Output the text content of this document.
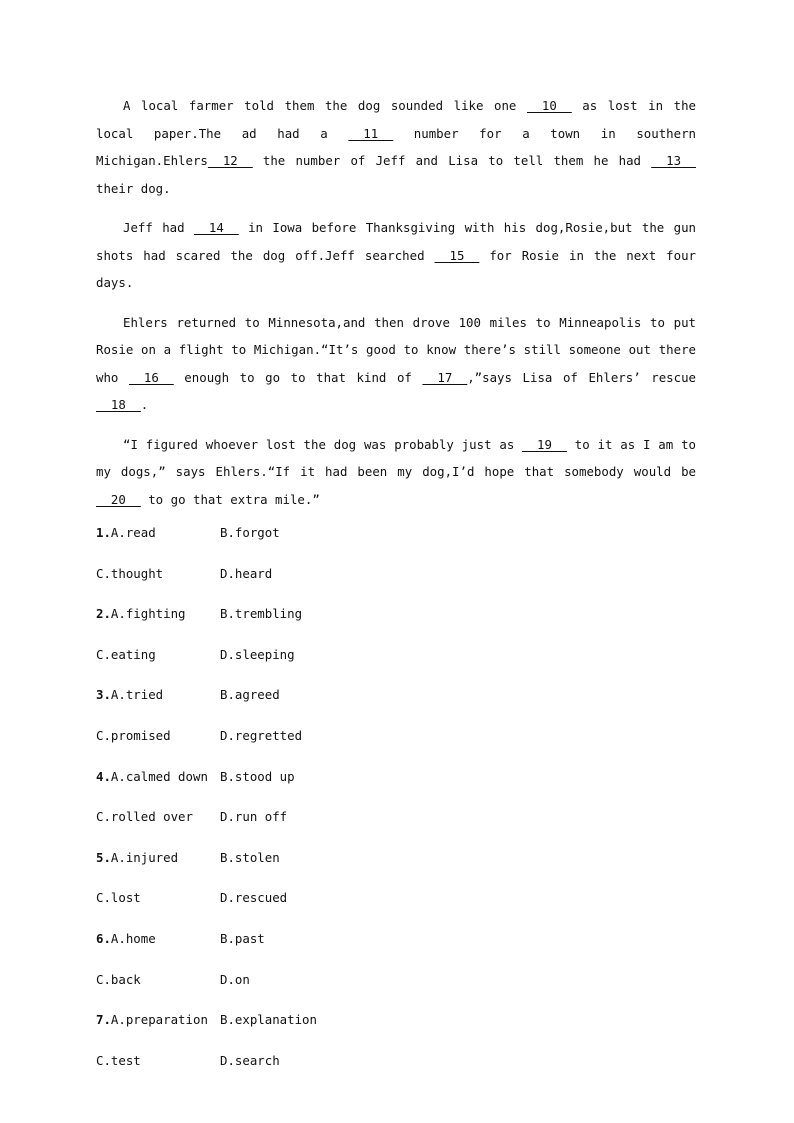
A local farmer told them the dog sounded like one __10__ as lost in the local paper.The ad had a __11__ number for a town in southern Michigan.Ehlers__12__ the number of Jeff and Lisa to tell them he had __13__ their dog.

Jeff had __14__ in Iowa before Thanksgiving with his dog,Rosie,but the gun shots had scared the dog off.Jeff searched __15__ for Rosie in the next four days.

Ehlers returned to Minnesota,and then drove 100 miles to Minneapolis to put Rosie on a flight to Michigan.“It’s good to know there’s still someone out there who __16__ enough to go to that kind of __17__,”says Lisa of Ehlers’ rescue __18__.

“I figured whoever lost the dog was probably just as __19__ to it as I am to my dogs,” says Ehlers.“If it had been my dog,I’d hope that somebody would be __20__ to go that extra mile.”

1.A.read	B.forgot
C.thought	D.heard
2.A.fighting	B.trembling
C.eating	D.sleeping
3.A.tried	B.agreed
C.promised	D.regretted
4.A.calmed down B.stood up
C.rolled over	D.run off
5.A.injured	B.stolen
C.lost	D.rescued
6.A.home	B.past
C.back	D.on
7.A.preparation B.explanation
C.test	D.search
